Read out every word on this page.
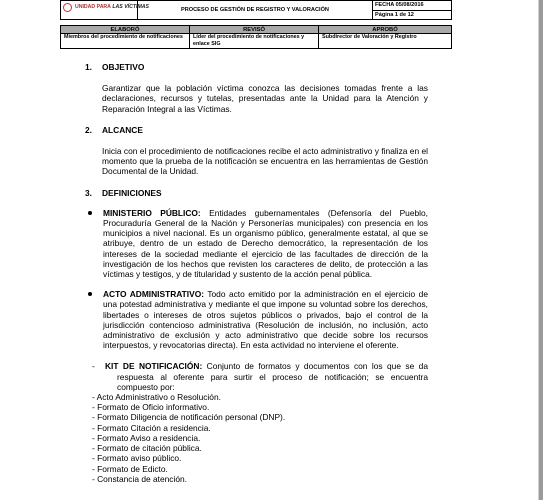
UNIDAD PARA LAS VÍCTIMAS	PROCESO DE GESTIÓN DE REGISTRO Y VALORACIÓN	FECHA 05/08/2016
Página 1 de 12
ELABORÓ	REVISÓ	APROBÓ
Miembros del procedimiento de notificaciones	Líder del procedimiento de notificaciones y enlace SIG	Subdirector de Valoración y Registro
1. OBJETIVO
Garantizar que la población víctima conozca las decisiones tomadas frente a las declaraciones, recursos y tutelas, presentadas ante la Unidad para la Atención y Reparación Integral a las Víctimas.
2. ALCANCE
Inicia con el procedimiento de notificaciones recibe el acto administrativo y finaliza en el momento que la prueba de la notificación se encuentra en las herramientas de Gestión Documental de la Unidad.
3. DEFINICIONES
MINISTERIO PÚBLICO: Entidades gubernamentales (Defensoría del Pueblo, Procuraduría General de la Nación y Personerías municipales) con presencia en los municipios a nivel nacional. Es un organismo público, generalmente estatal, al que se atribuye, dentro de un estado de Derecho democrático, la representación de los intereses de la sociedad mediante el ejercicio de las facultades de dirección de la investigación de los hechos que revisten los caracteres de delito, de protección a las víctimas y testigos, y de titularidad y sustento de la acción penal pública.
ACTO ADMINISTRATIVO: Todo acto emitido por la administración en el ejercicio de una potestad administrativa y mediante el que impone su voluntad sobre los derechos, libertades o intereses de otros sujetos públicos o privados, bajo el control de la jurisdicción contencioso administrativa (Resolución de inclusión, no inclusión, acto administrativo de exclusión y acto administrativo que decide sobre los recursos interpuestos, y revocatorias directa). En esta actividad no interviene el oferente.
- KIT DE NOTIFICACIÓN: Conjunto de formatos y documentos con los que se da respuesta al oferente para surtir el proceso de notificación; se encuentra compuesto por:
- Acto Administrativo o Resolución.
- Formato de Oficio informativo.
- Formato Diligencia de notificación personal (DNP).
- Formato Citación a residencia.
- Formato Aviso a residencia.
- Formato de citación pública.
- Formato aviso público.
- Formato de Edicto.
- Constancia de atención.
